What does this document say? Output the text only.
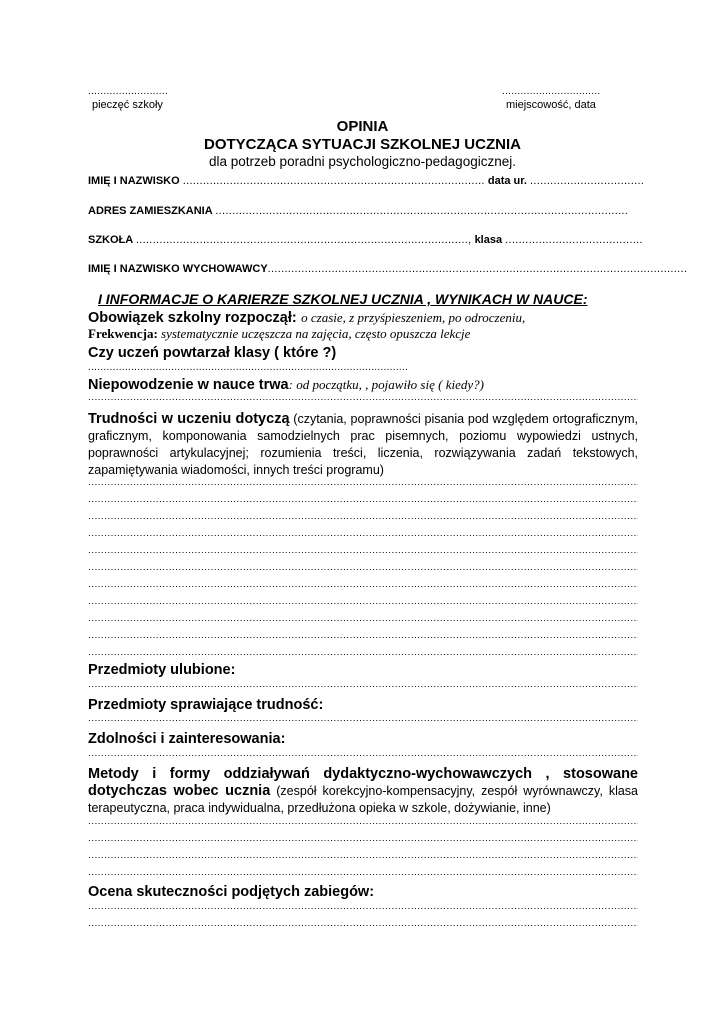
..........................
pieczęć szkoły
................................
miejscowość, data
OPINIA
DOTYCZĄCA SYTUACJI SZKOLNEJ UCZNIA
dla potrzeb poradni psychologiczno-pedagogicznej.
IMIĘ I NAZWISKO .......................................................................................... data ur. ..................................
ADRES ZAMIESZKANIA ...........................................................................................................................
SZKOŁA ..................................................................................................., klasa .........................................
IMIĘ I NAZWISKO WYCHOWAWCY.............................................................................................................................
I INFORMACJE O KARIERZE SZKOLNEJ UCZNIA , WYNIKACH W NAUCE:
Obowiązek szkolny rozpoczął: o czasie, z przyśpieszeniem, po odroczeniu,
Frekwencja: systematycznie uczęszcza na zajęcia, często opuszcza lekcje
Czy uczeń powtarzał klasy ( które ?)
........................................................................................................
Niepowodzenie w nauce trwa: od początku, , pojawiło się ( kiedy?)
.....
Trudności w uczeniu dotyczą (czytania, poprawności pisania pod względem ortograficznym, graficznym, komponowania samodzielnych prac pisemnych, poziomu wypowiedzi ustnych, poprawności artykulacyjnej; rozumienia treści, liczenia, rozwiązywania zadań tekstowych, zapamiętywania wiadomości, innych treści programu)
.....
.....
.....
.....
.....
.....
.....
.....
.....
.....
.....
Przedmioty ulubione:
.....
Przedmioty sprawiające trudność:
.....
Zdolności i zainteresowania:
.....
Metody i formy oddziaływań dydaktyczno-wychowawczych , stosowane dotychczas wobec ucznia (zespół korekcyjno-kompensacyjny, zespół wyrównawczy, klasa terapeutyczna, praca indywidualna, przedłużona opieka w szkole, dożywianie, inne)
.....
.....
.....
.....
Ocena skuteczności podjętych zabiegów:
.....
.....
